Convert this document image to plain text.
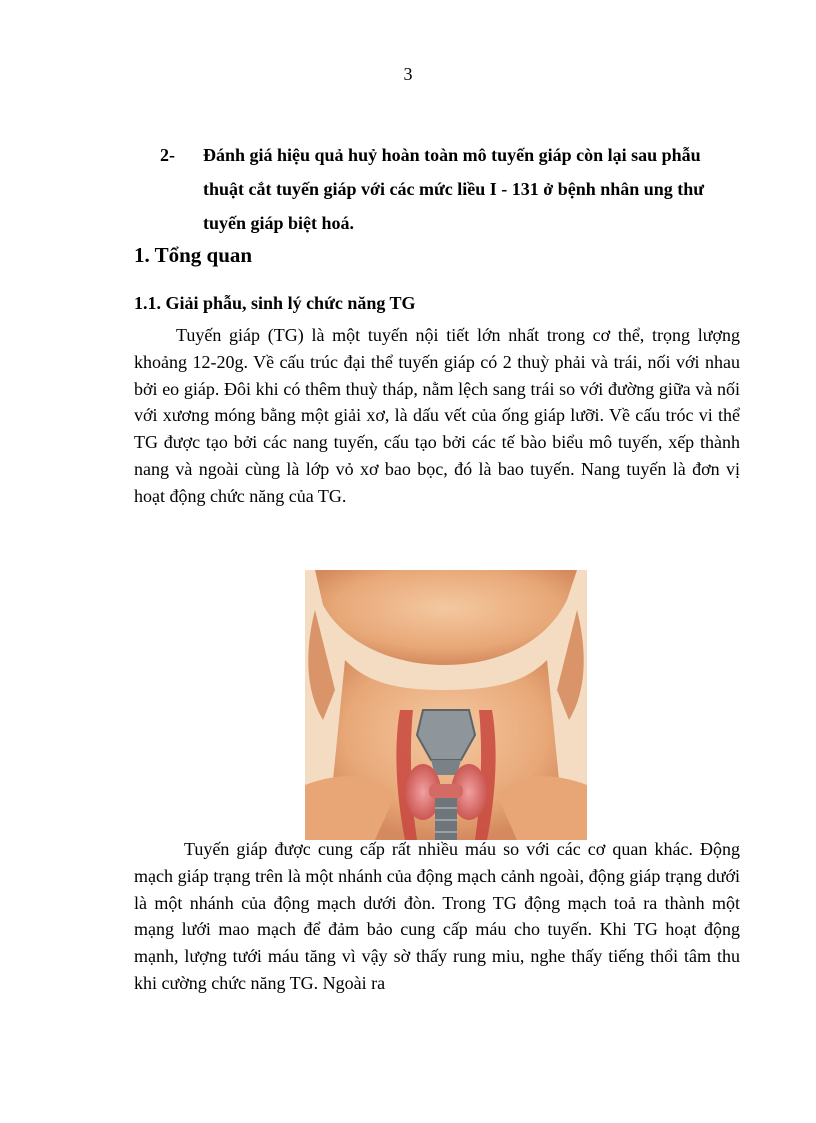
3
2- Đánh giá hiệu quả huỷ hoàn toàn mô tuyến giáp còn lại sau phẫu
thuật cắt tuyến giáp với các mức liều I - 131 ở bệnh nhân ung thư
tuyến giáp biệt hoá.
1. Tổng quan
1.1. Giải phẫu, sinh lý chức năng TG
Tuyến giáp (TG) là một tuyến nội tiết lớn nhất trong cơ thể, trọng lượng khoảng 12-20g. Về cấu trúc đại thể tuyến giáp có 2 thuỳ phải và trái, nối với nhau bởi eo giáp. Đôi khi có thêm thuỳ tháp, nằm lệch sang trái so với đường giữa và nối với xương móng bằng một giải xơ, là dấu vết của ống giáp lưỡi. Về cấu tróc vi thể TG được tạo bởi các nang tuyến, cấu tạo bởi các tế bào biểu mô tuyến, xếp thành nang và ngoài cùng là lớp vỏ xơ bao bọc, đó là bao tuyến. Nang tuyến là đơn vị hoạt động chức năng của TG.
Tuyến giáp được cung cấp rất nhiều máu so với các cơ quan khác. Động mạch giáp trạng trên là một nhánh của động mạch cảnh ngoài, động giáp trạng dưới là một nhánh của động mạch dưới đòn. Trong TG động mạch toả ra thành một mạng lưới mao mạch để đảm bảo cung cấp máu cho tuyến. Khi TG hoạt động mạnh, lượng tưới máu tăng vì vậy sờ thấy rung miu, nghe thấy tiếng thổi tâm thu khi cường chức năng TG. Ngoài ra
